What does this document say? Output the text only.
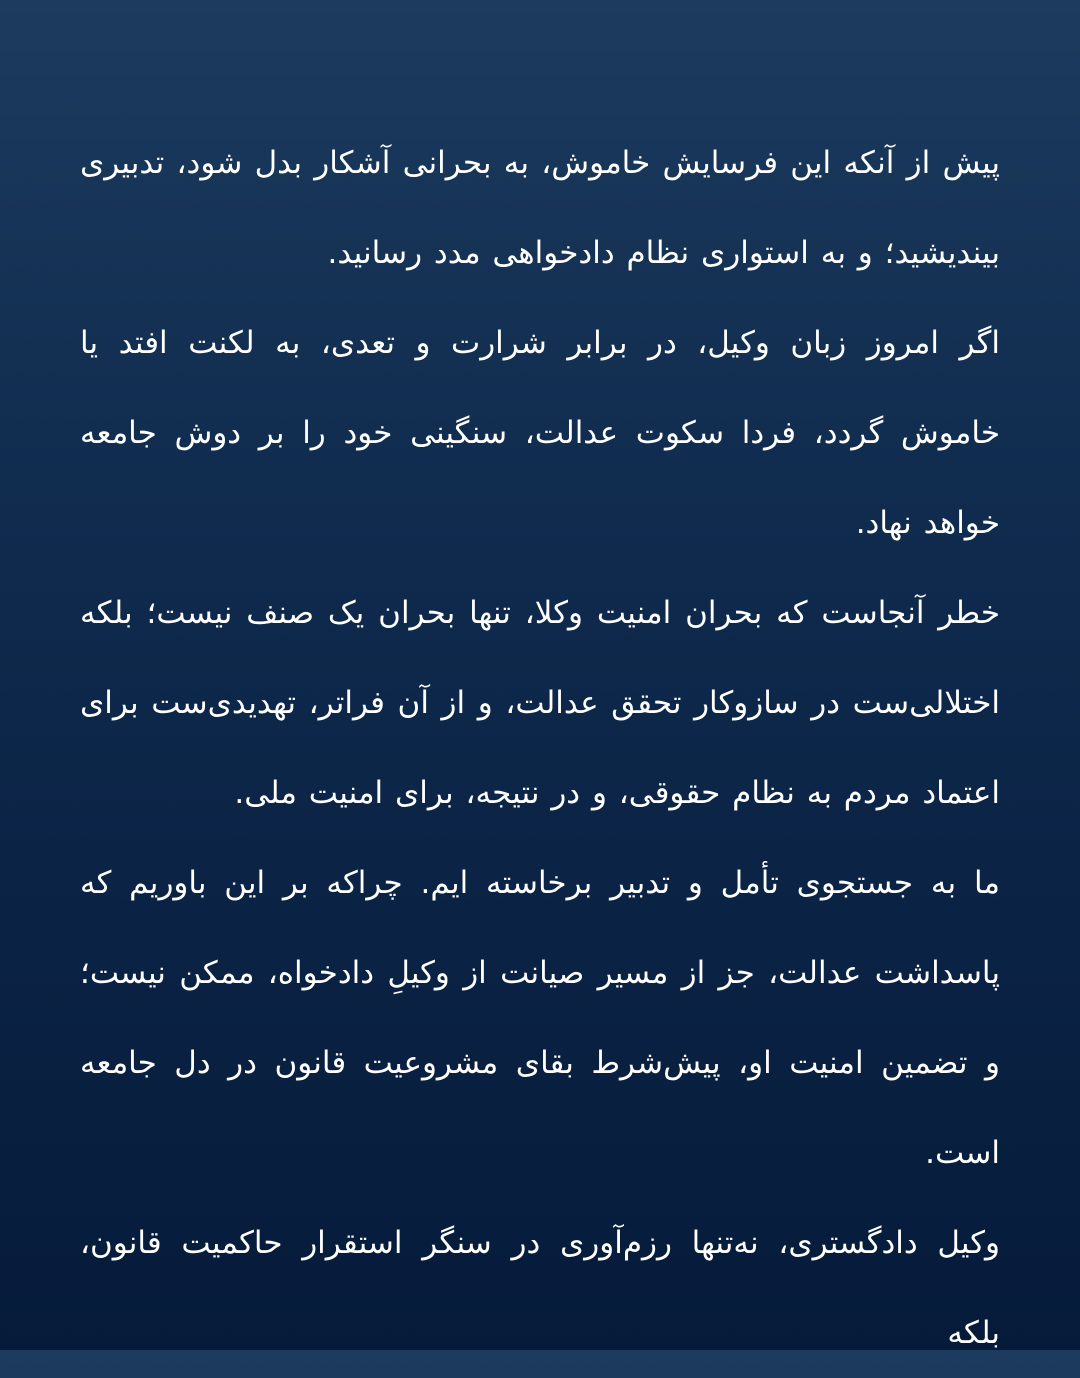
پیش از آنکه این فرسایش خاموش، به بحرانی آشکار بدل شود، تدبیری بیندیشید؛ و به استواری نظام دادخواهی مدد رسانید.

اگر امروز زبان وکیل، در برابر شرارت و تعدی، به لکنت افتد یا خاموش گردد، فردا سکوت عدالت، سنگینی خود را بر دوش جامعه خواهد نهاد.

خطر آنجاست که بحران امنیت وکلا، تنها بحران یک صنف نیست؛ بلکه اختلالی‌ست در سازوکار تحقق عدالت، و از آن فراتر، تهدیدی‌ست برای اعتماد مردم به نظام حقوقی، و در نتیجه، برای امنیت ملی.

ما به جستجوی تأمل و تدبیر برخاسته ایم. چراکه بر این باوریم که پاسداشت عدالت، جز از مسیر صیانت از وکیلِ دادخواه، ممکن نیست؛ و تضمین امنیت او، پیش‌شرط بقای مشروعیت قانون در دل جامعه است.

وکیل دادگستری، نه‌تنها رزم‌آوری در سنگر استقرار حاکمیت قانون، بلکه
